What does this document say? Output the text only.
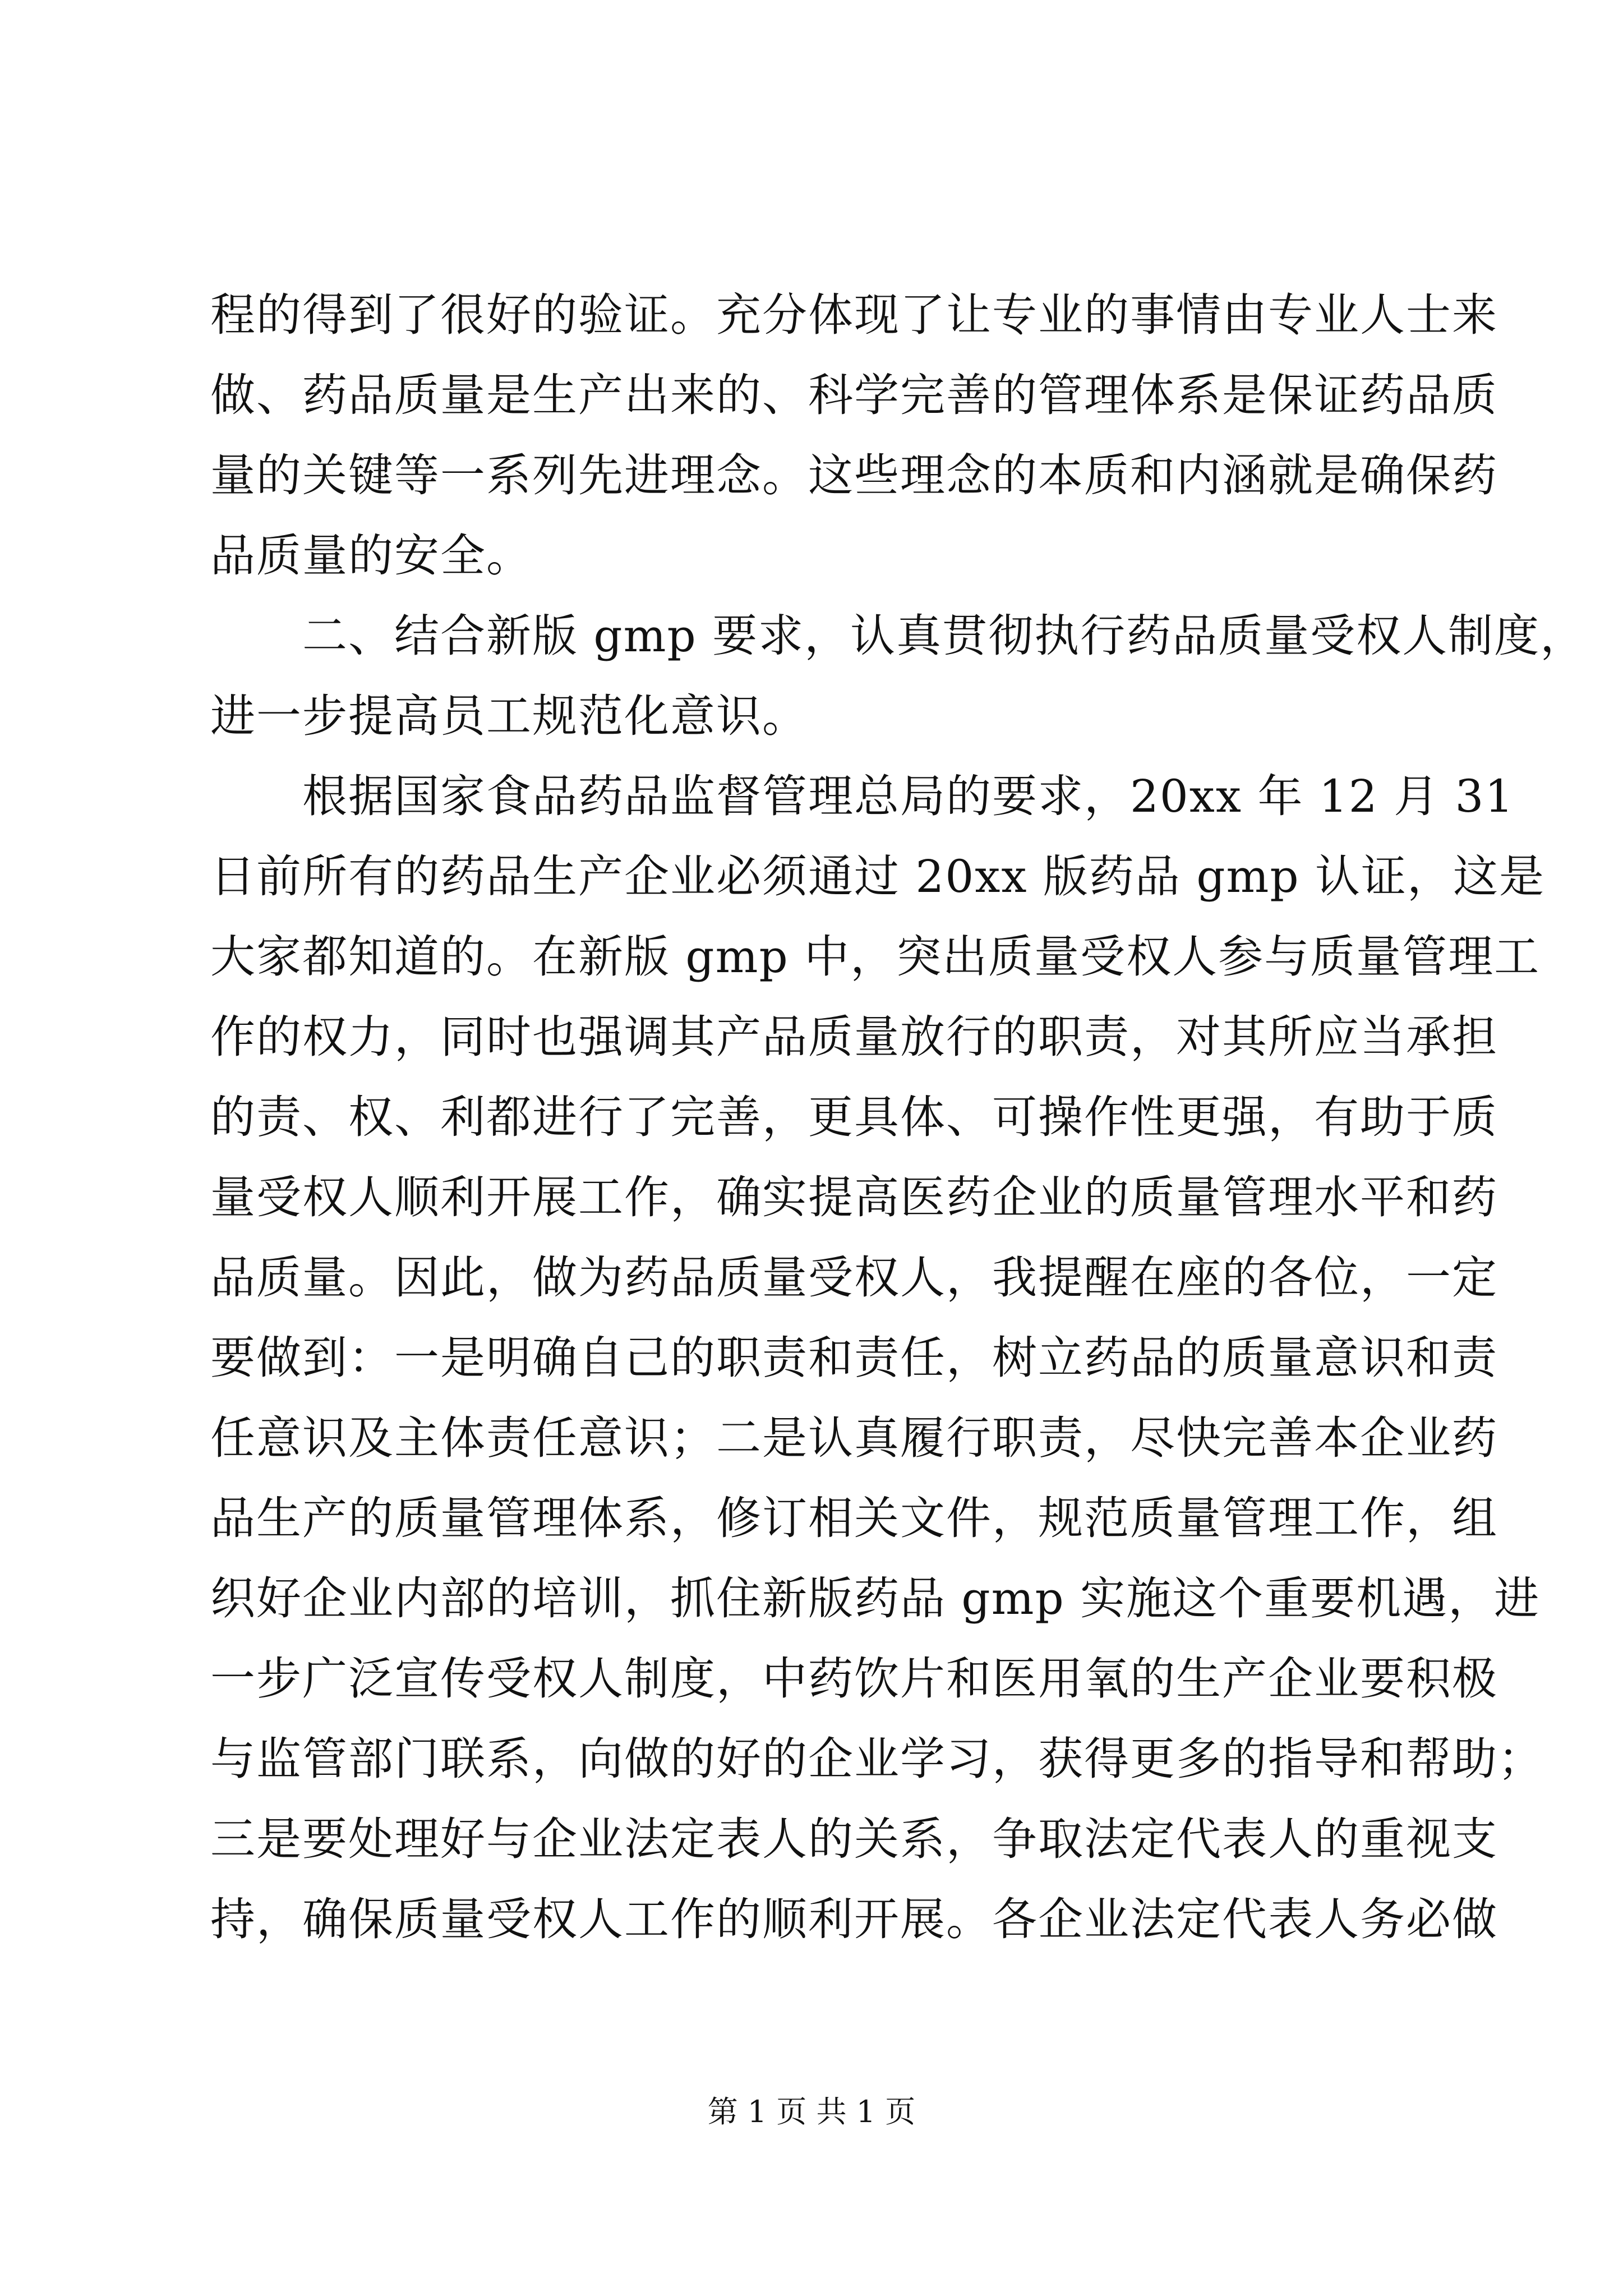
程的得到了很好的验证。充分体现了让专业的事情由专业人士来
做、药品质量是生产出来的、科学完善的管理体系是保证药品质
量的关键等一系列先进理念。这些理念的本质和内涵就是确保药
品质量的安全。
　　二、结合新版 gmp 要求，认真贯彻执行药品质量受权人制度，
进一步提高员工规范化意识。
　　根据国家食品药品监督管理总局的要求，20xx 年 12 月 31
日前所有的药品生产企业必须通过 20xx 版药品 gmp 认证，这是
大家都知道的。在新版 gmp 中，突出质量受权人参与质量管理工
作的权力，同时也强调其产品质量放行的职责，对其所应当承担
的责、权、利都进行了完善，更具体、可操作性更强，有助于质
量受权人顺利开展工作，确实提高医药企业的质量管理水平和药
品质量。因此，做为药品质量受权人，我提醒在座的各位，一定
要做到：一是明确自己的职责和责任，树立药品的质量意识和责
任意识及主体责任意识；二是认真履行职责，尽快完善本企业药
品生产的质量管理体系，修订相关文件，规范质量管理工作，组
织好企业内部的培训，抓住新版药品 gmp 实施这个重要机遇，进
一步广泛宣传受权人制度，中药饮片和医用氧的生产企业要积极
与监管部门联系，向做的好的企业学习，获得更多的指导和帮助；
三是要处理好与企业法定表人的关系，争取法定代表人的重视支
持，确保质量受权人工作的顺利开展。各企业法定代表人务必做
第 1 页 共 1 页
